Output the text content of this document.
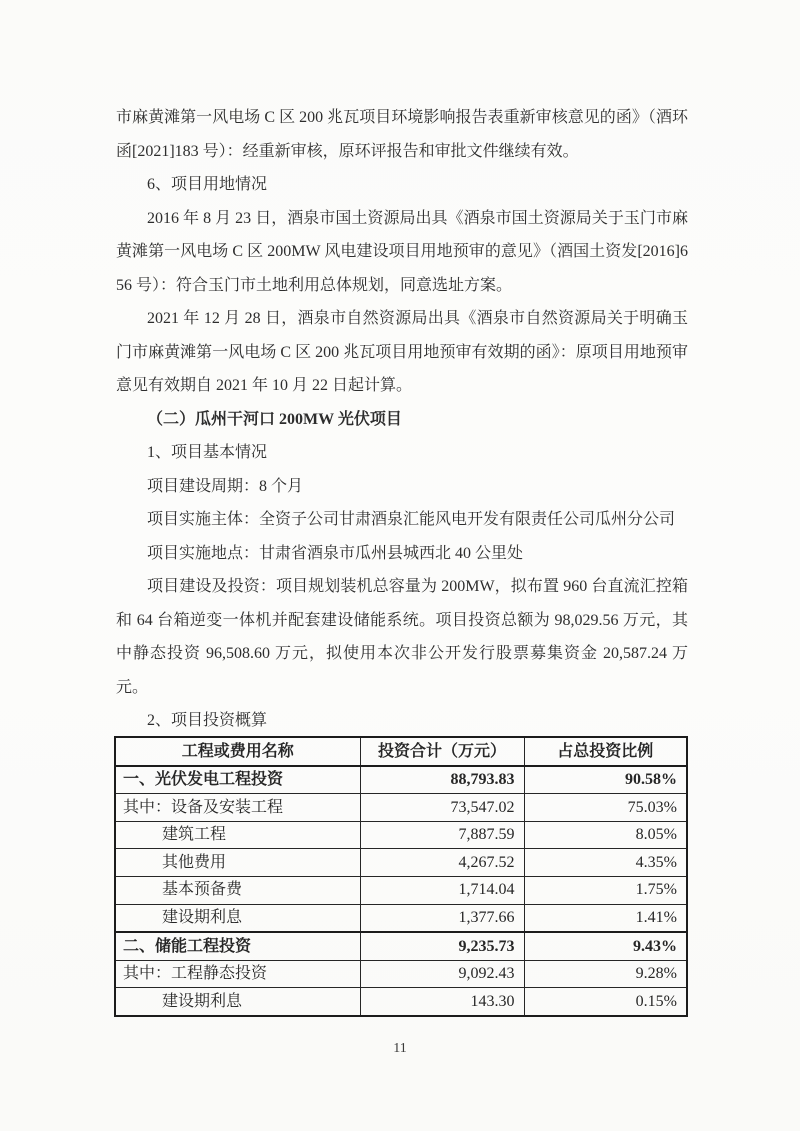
市麻黄滩第一风电场 C 区 200 兆瓦项目环境影响报告表重新审核意见的函》（酒环函[2021]183 号）：经重新审核，原环评报告和审批文件继续有效。

6、项目用地情况

2016 年 8 月 23 日，酒泉市国土资源局出具《酒泉市国土资源局关于玉门市麻黄滩第一风电场 C 区 200MW 风电建设项目用地预审的意见》（酒国土资发[2016]656 号）：符合玉门市土地利用总体规划，同意选址方案。

2021 年 12 月 28 日，酒泉市自然资源局出具《酒泉市自然资源局关于明确玉门市麻黄滩第一风电场 C 区 200 兆瓦项目用地预审有效期的函》：原项目用地预审意见有效期自 2021 年 10 月 22 日起计算。

（二）瓜州干河口 200MW 光伏项目

1、项目基本情况

项目建设周期：8 个月

项目实施主体：全资子公司甘肃酒泉汇能风电开发有限责任公司瓜州分公司

项目实施地点：甘肃省酒泉市瓜州县城西北 40 公里处

项目建设及投资：项目规划装机总容量为 200MW，拟布置 960 台直流汇控箱和 64 台箱逆变一体机并配套建设储能系统。项目投资总额为 98,029.56 万元，其中静态投资 96,508.60 万元，拟使用本次非公开发行股票募集资金 20,587.24 万元。

2、项目投资概算

工程或费用名称	投资合计（万元）	占总投资比例
一、光伏发电工程投资	88,793.83	90.58%
其中：设备及安装工程	73,547.02	75.03%
建筑工程	7,887.59	8.05%
其他费用	4,267.52	4.35%
基本预备费	1,714.04	1.75%
建设期利息	1,377.66	1.41%
二、储能工程投资	9,235.73	9.43%
其中：工程静态投资	9,092.43	9.28%
建设期利息	143.30	0.15%
11
